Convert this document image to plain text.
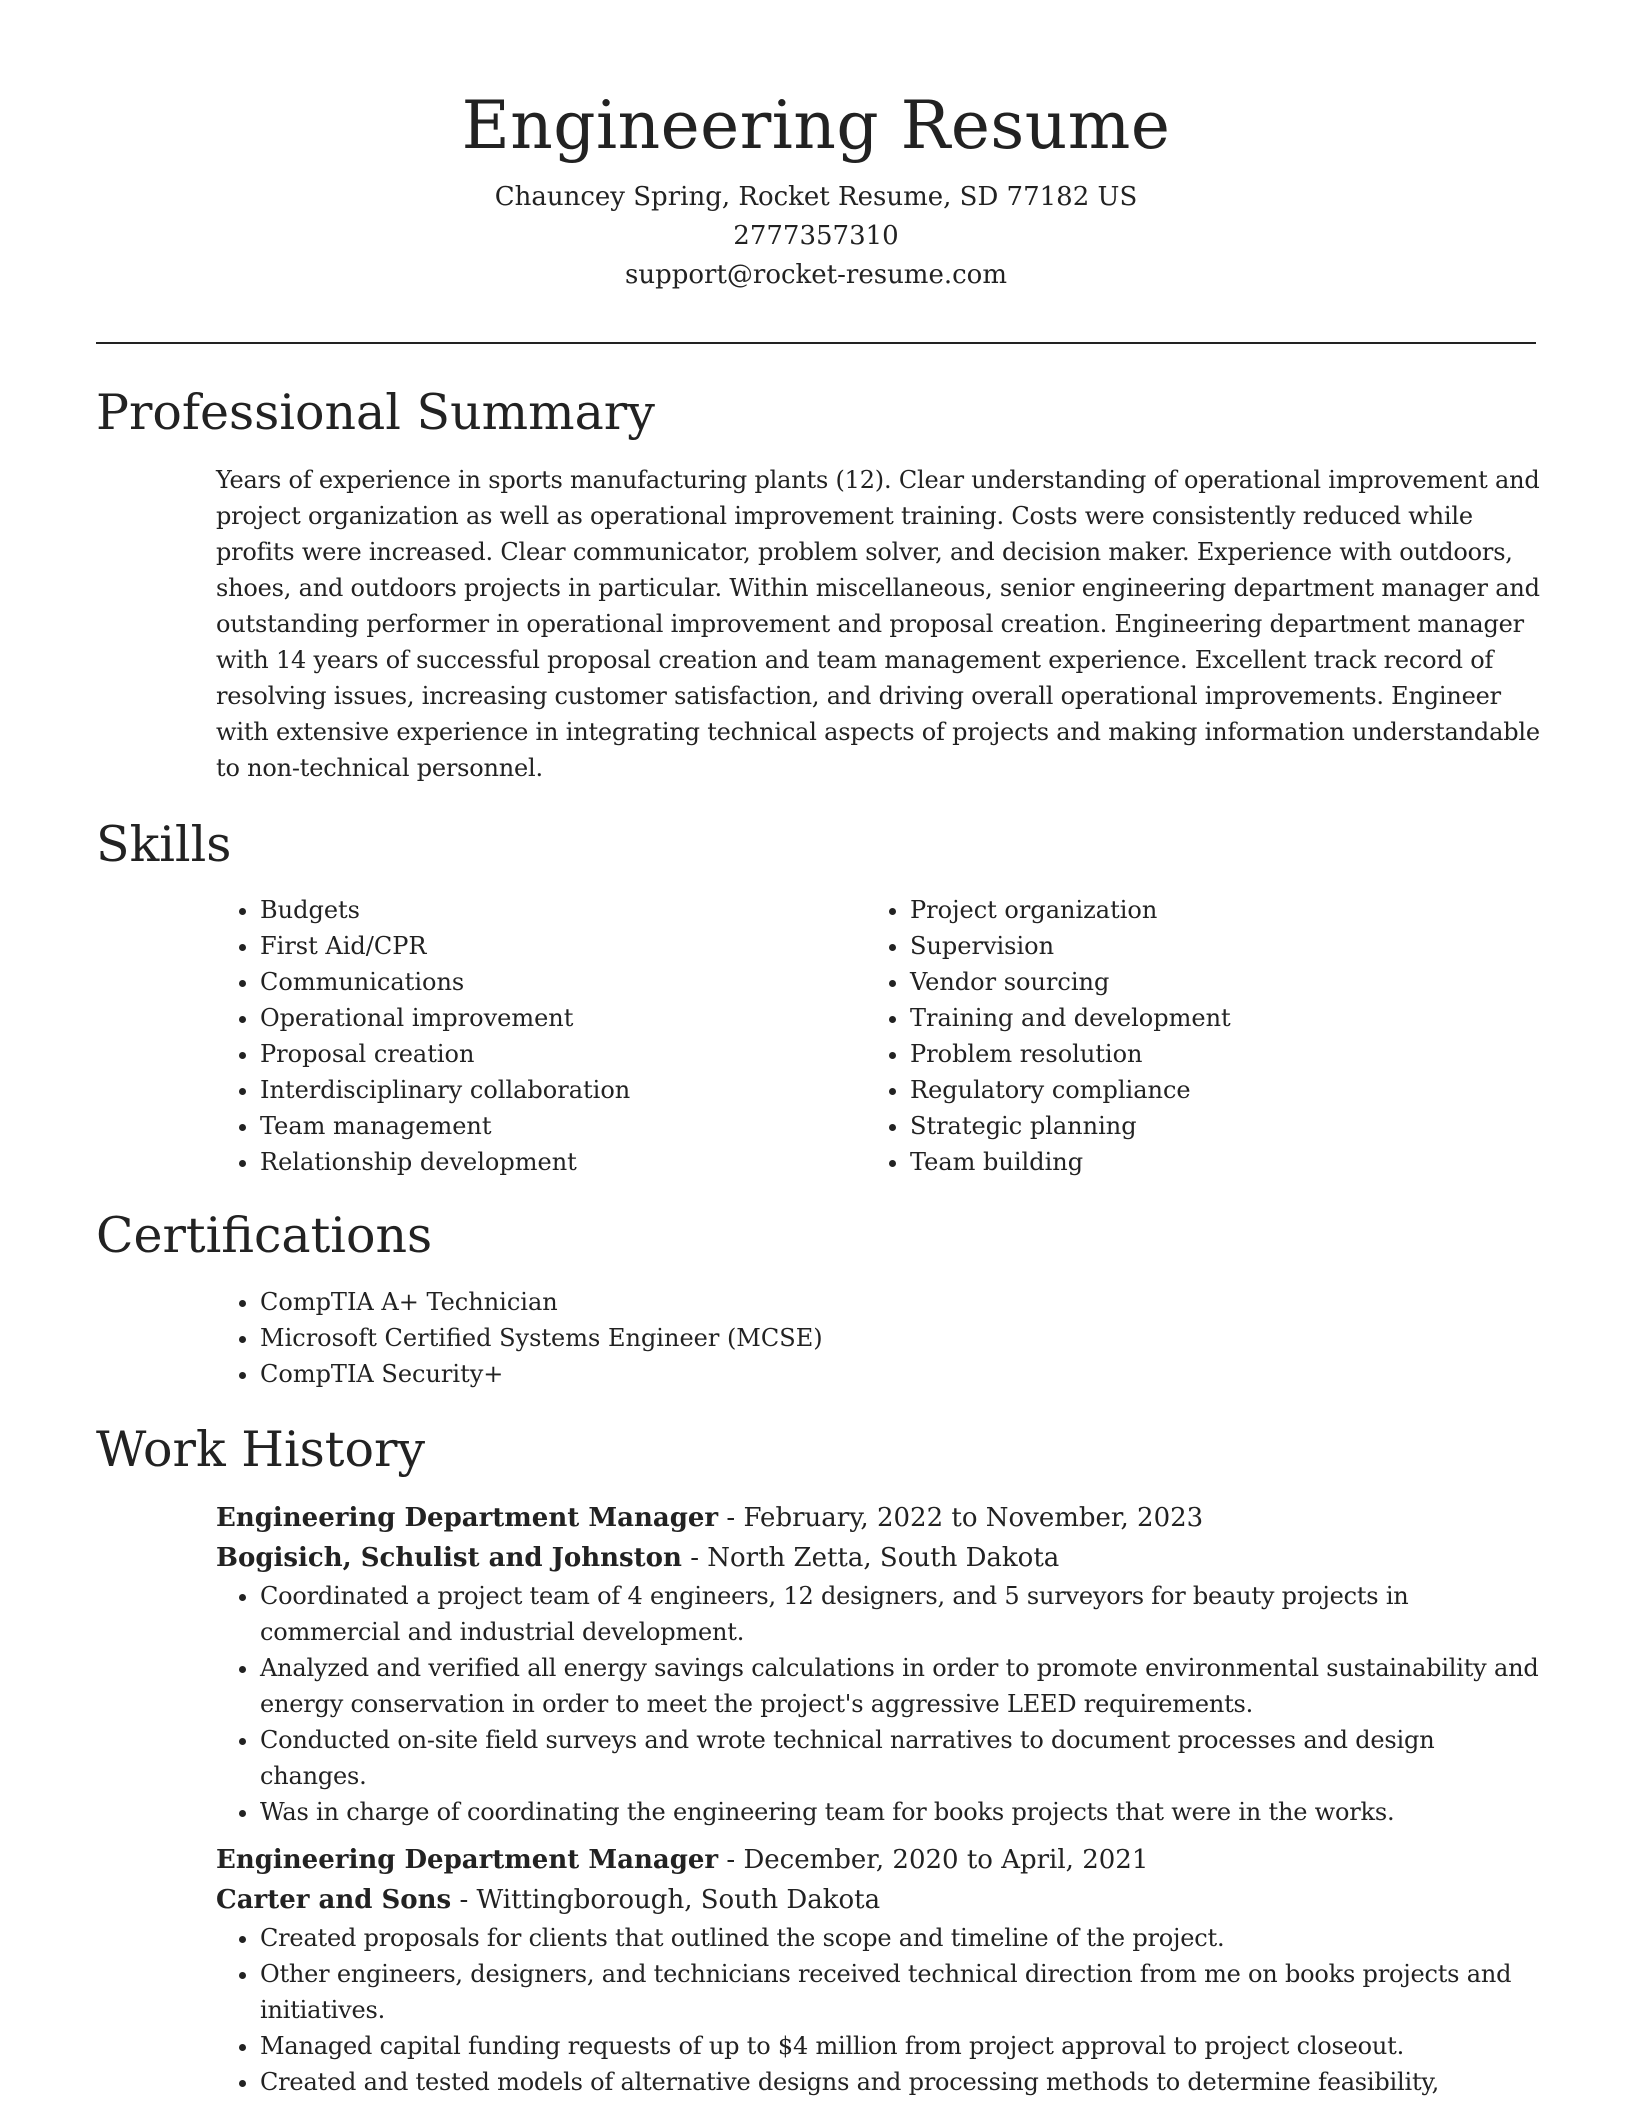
Engineering Resume

Chauncey Spring, Rocket Resume, SD 77182 US

2777357310

support@rocket-resume.com

Professional Summary

Years of experience in sports manufacturing plants (12). Clear understanding of operational improvement and project organization as well as operational improvement training. Costs were consistently reduced while profits were increased. Clear communicator, problem solver, and decision maker. Experience with outdoors, shoes, and outdoors projects in particular. Within miscellaneous, senior engineering department manager and outstanding performer in operational improvement and proposal creation. Engineering department manager with 14 years of successful proposal creation and team management experience. Excellent track record of resolving issues, increasing customer satisfaction, and driving overall operational improvements. Engineer with extensive experience in integrating technical aspects of projects and making information understandable to non-technical personnel.

Skills
• Budgets
• First Aid/CPR
• Communications
• Operational improvement
• Proposal creation
• Interdisciplinary collaboration
• Team management
• Relationship development
• Project organization
• Supervision
• Vendor sourcing
• Training and development
• Problem resolution
• Regulatory compliance
• Strategic planning
• Team building
Certifications
• CompTIA A+ Technician
• Microsoft Certified Systems Engineer (MCSE)
• CompTIA Security+
Work History

Engineering Department Manager - February, 2022 to November, 2023

Bogisich, Schulist and Johnston - North Zetta, South Dakota

• Coordinated a project team of 4 engineers, 12 designers, and 5 surveyors for beauty projects in commercial and industrial development.
• Analyzed and verified all energy savings calculations in order to promote environmental sustainability and energy conservation in order to meet the project's aggressive LEED requirements.
• Conducted on-site field surveys and wrote technical narratives to document processes and design changes.
• Was in charge of coordinating the engineering team for books projects that were in the works.

Engineering Department Manager - December, 2020 to April, 2021

Carter and Sons - Wittingborough, South Dakota

• Created proposals for clients that outlined the scope and timeline of the project.
• Other engineers, designers, and technicians received technical direction from me on books projects and initiatives.
• Managed capital funding requests of up to $4 million from project approval to project closeout.
• Created and tested models of alternative designs and processing methods to determine feasibility,
